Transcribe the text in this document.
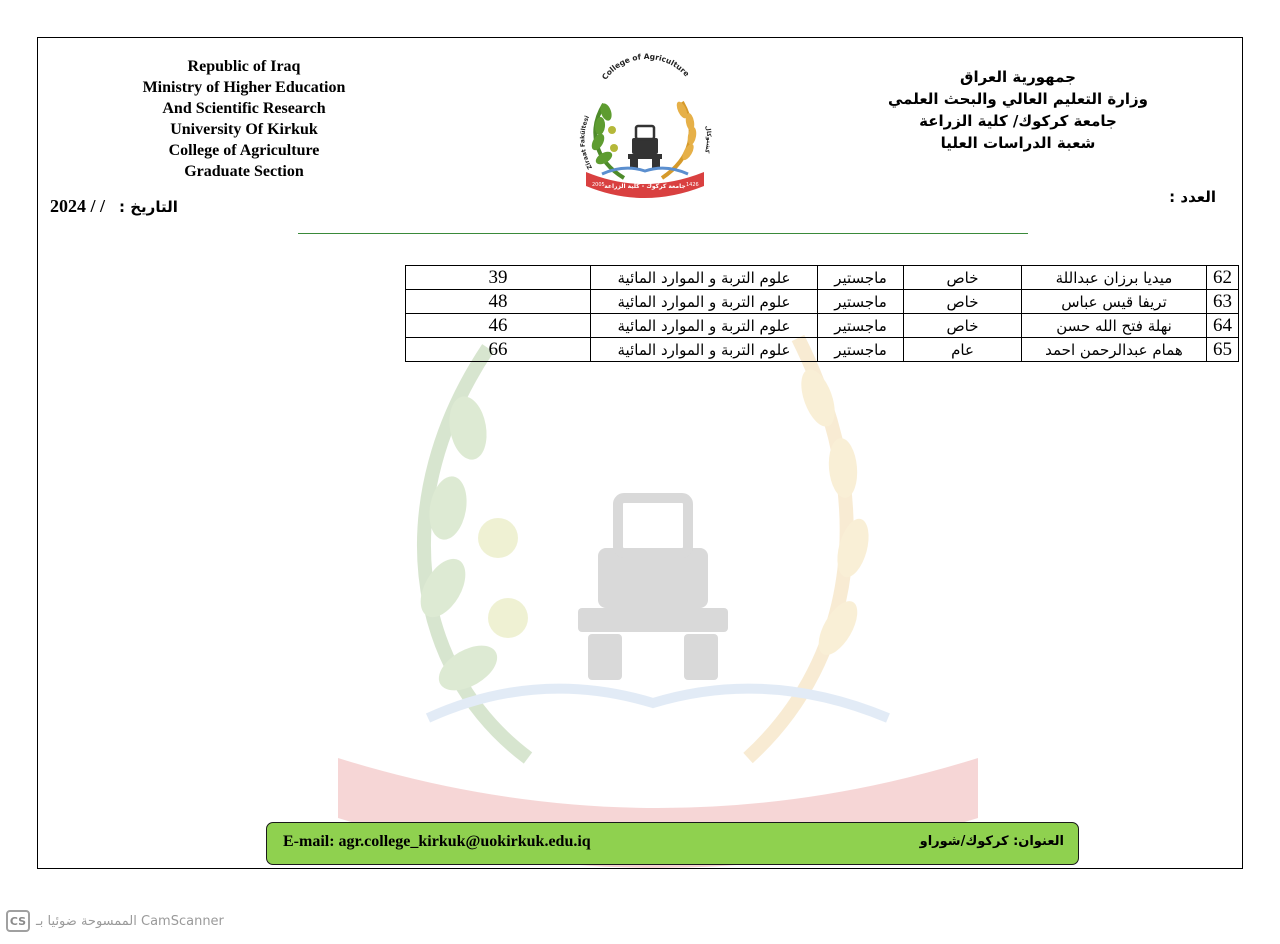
Republic of Iraq
Ministry of Higher Education
And Scientific Research
University Of Kirkuk
College of Agriculture
Graduate Section
2005	1426
جامعة كركوك - كلية الزراعة
College of Agriculture
Ziraat Fakültesi
كشتوكال
جمهورية العراق
وزارة التعليم العالي والبحث العلمي
جامعة كركوك/ كلية الزراعة
شعبة الدراسات العليا
العدد :
2024 / / التاريخ :
62	ميديا برزان عبداللة	خاص	ماجستير	علوم التربة و الموارد المائية	39
63	تريفا قيس عباس	خاص	ماجستير	علوم التربة و الموارد المائية	48
64	نهلة فتح الله حسن	خاص	ماجستير	علوم التربة و الموارد المائية	46
65	همام عبدالرحمن احمد	عام	ماجستير	علوم التربة و الموارد المائية	66
E-mail: agr.college_kirkuk@uokirkuk.edu.iq	العنوان: كركوك/شوراو
CS الممسوحة ضوئيا بـ CamScanner
